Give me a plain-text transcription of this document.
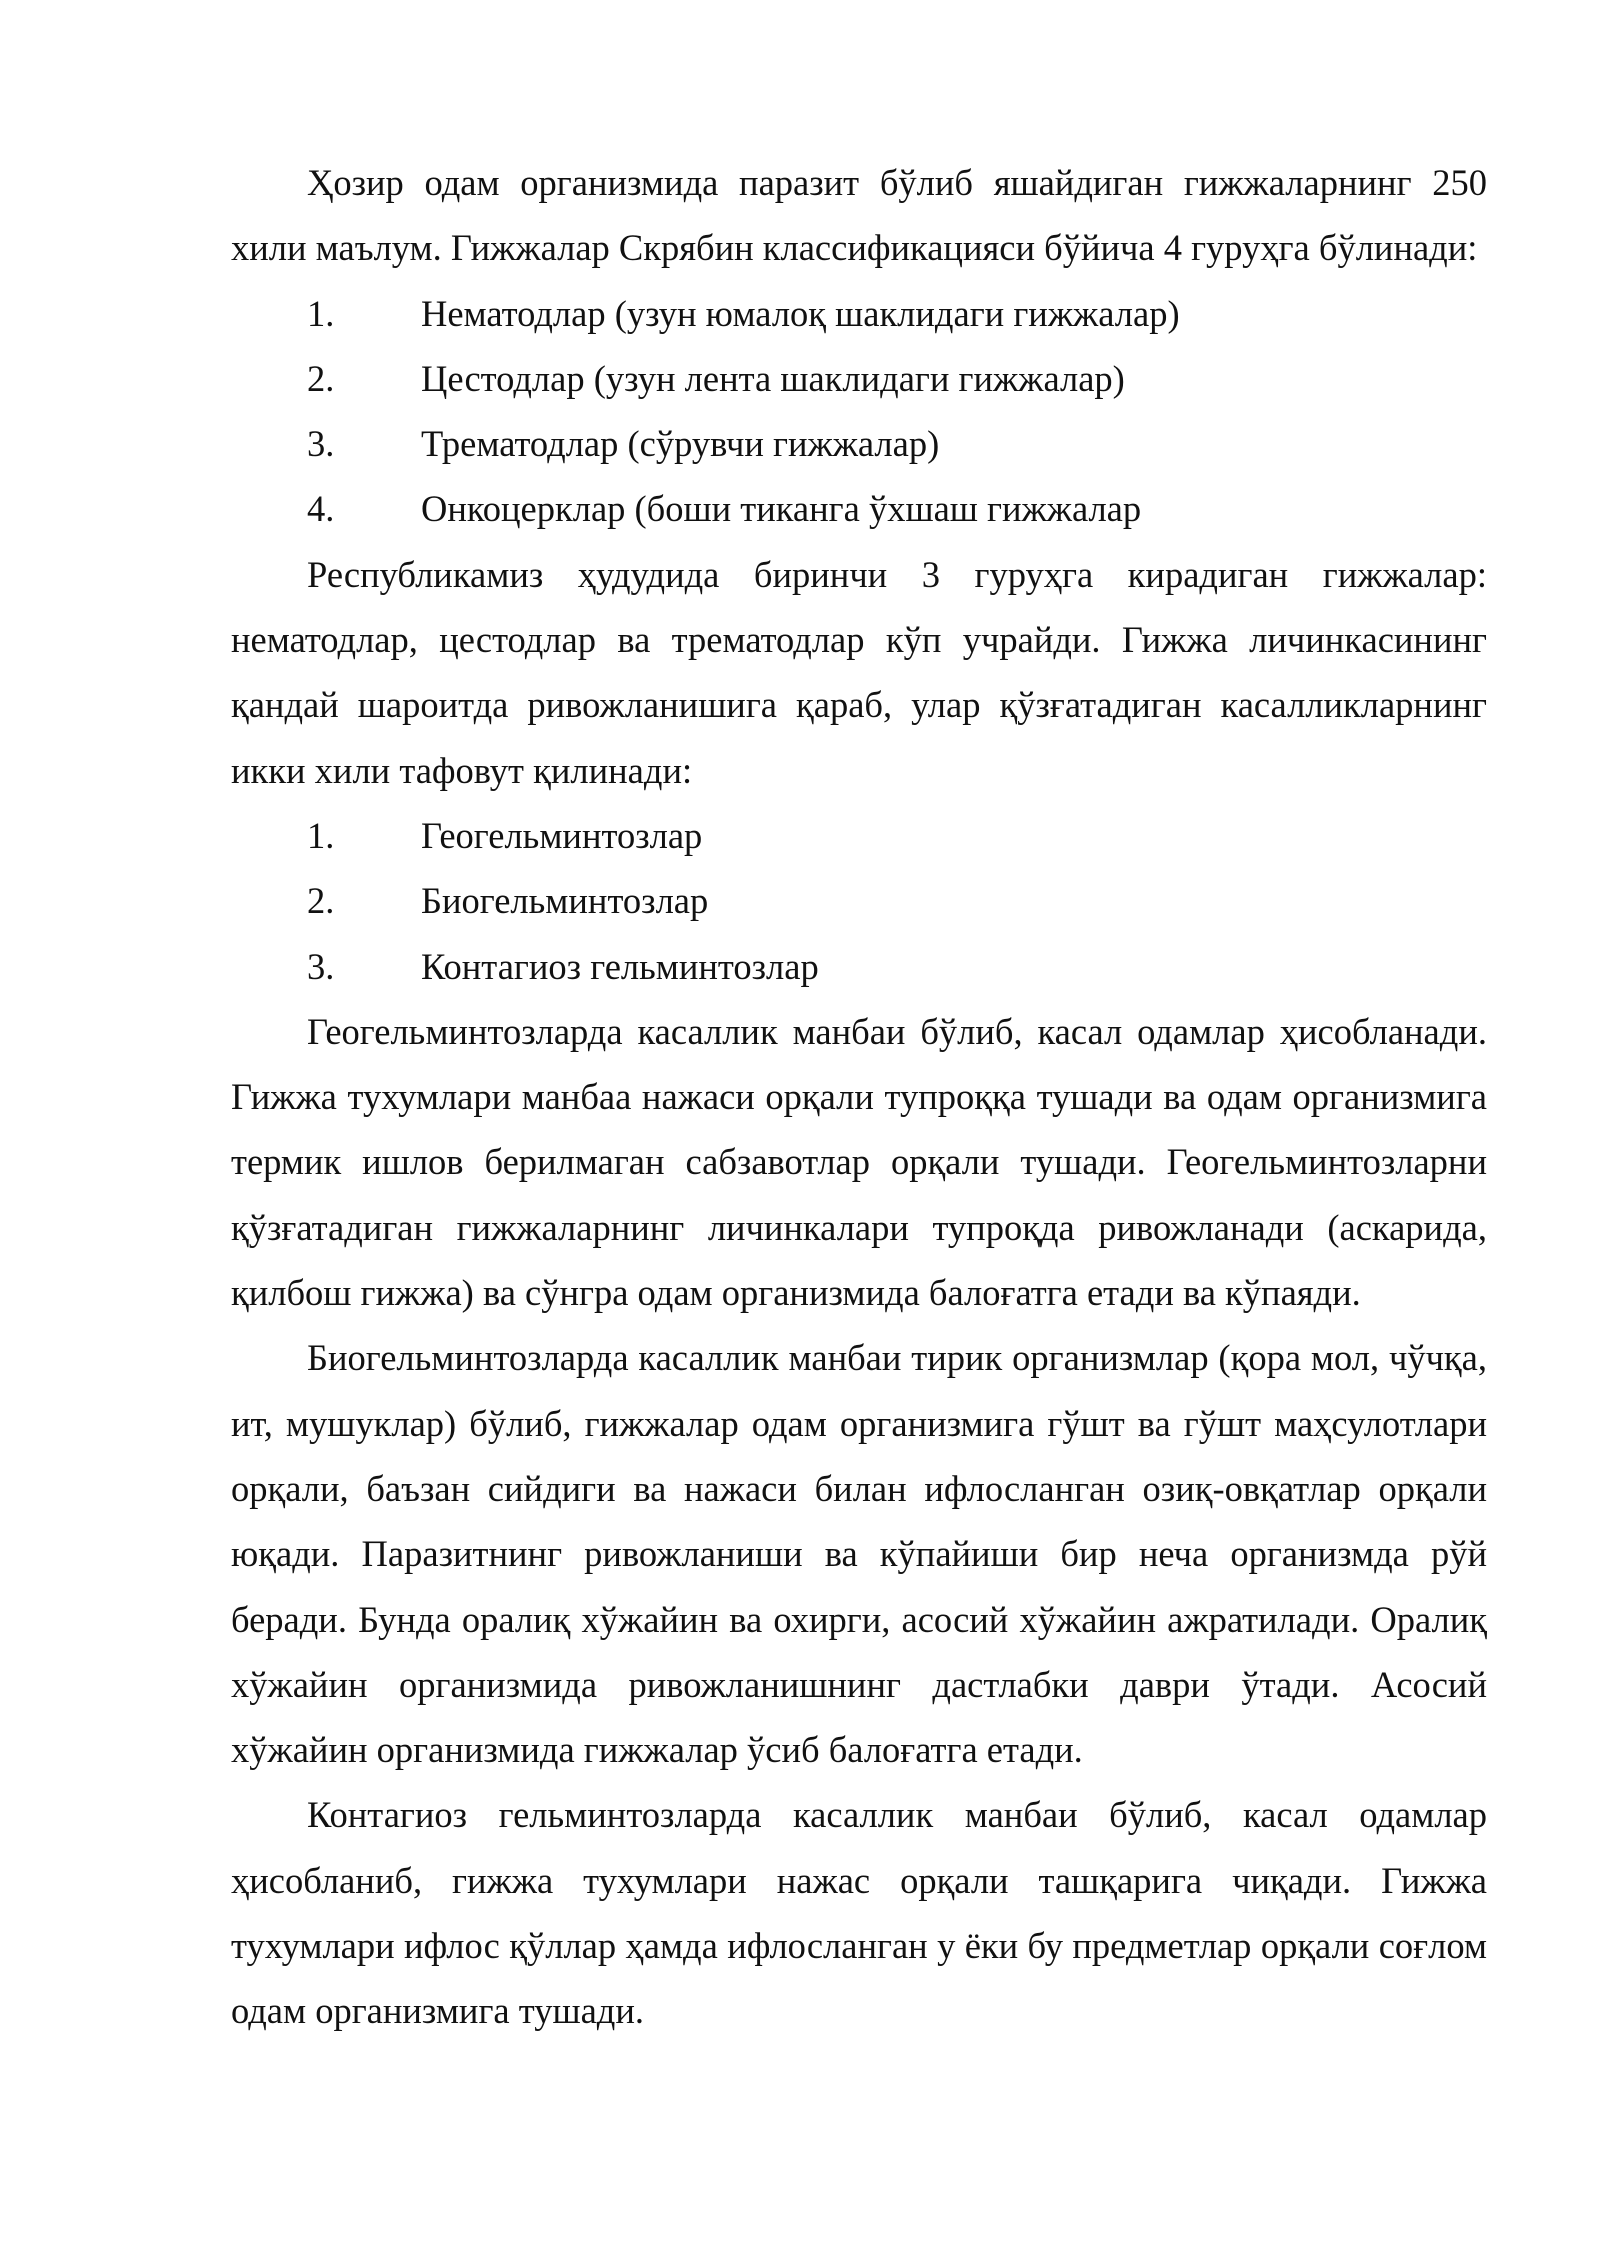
Ҳозир одам организмида паразит бўлиб яшайдиган гижжаларнинг 250 хили маълум. Гижжалар Скрябин классификацияси бўйича 4 гуруҳга бўлинади:

1.	Нематодлар (узун юмалоқ шаклидаги гижжалар)
2.	Цестодлар (узун лента шаклидаги гижжалар)
3.	Трематодлар (сўрувчи гижжалар)
4.	Онкоцерклар (боши тиканга ўхшаш гижжалар

Республикамиз ҳудудида биринчи 3 гуруҳга кирадиган гижжалар: нематодлар, цестодлар ва трематодлар кўп учрайди. Гижжа личинкасининг қандай шароитда ривожланишига қараб, улар қўзғатадиган касалликларнинг икки хили тафовут қилинади:

1.	Геогельминтозлар
2.	Биогельминтозлар
3.	Контагиоз гельминтозлар

Геогельминтозларда касаллик манбаи бўлиб, касал одамлар ҳисобланади. Гижжа тухумлари манбаа нажаси орқали тупроққа тушади ва одам организмига термик ишлов берилмаган сабзавотлар орқали тушади. Геогельминтозларни қўзғатадиган гижжаларнинг личинкалари тупроқда ривожланади (аскарида, қилбош гижжа) ва сўнгра одам организмида балоғатга етади ва кўпаяди.

Биогельминтозларда касаллик манбаи тирик организмлар (қора мол, чўчқа, ит, мушуклар) бўлиб, гижжалар одам организмига гўшт ва гўшт маҳсулотлари орқали, баъзан сийдиги ва нажаси билан ифлосланган озиқ-овқатлар орқали юқади. Паразитнинг ривожланиши ва кўпайиши бир неча организмда рўй беради. Бунда оралиқ хўжайин ва охирги, асосий хўжайин ажратилади. Оралиқ хўжайин организмида ривожланишнинг дастлабки даври ўтади. Асосий хўжайин организмида гижжалар ўсиб балоғатга етади.

Контагиоз гельминтозларда касаллик манбаи бўлиб, касал одамлар ҳисобланиб, гижжа тухумлари нажас орқали ташқарига чиқади. Гижжа тухумлари ифлос қўллар ҳамда ифлосланган у ёки бу предметлар орқали соғлом одам организмига тушади.
